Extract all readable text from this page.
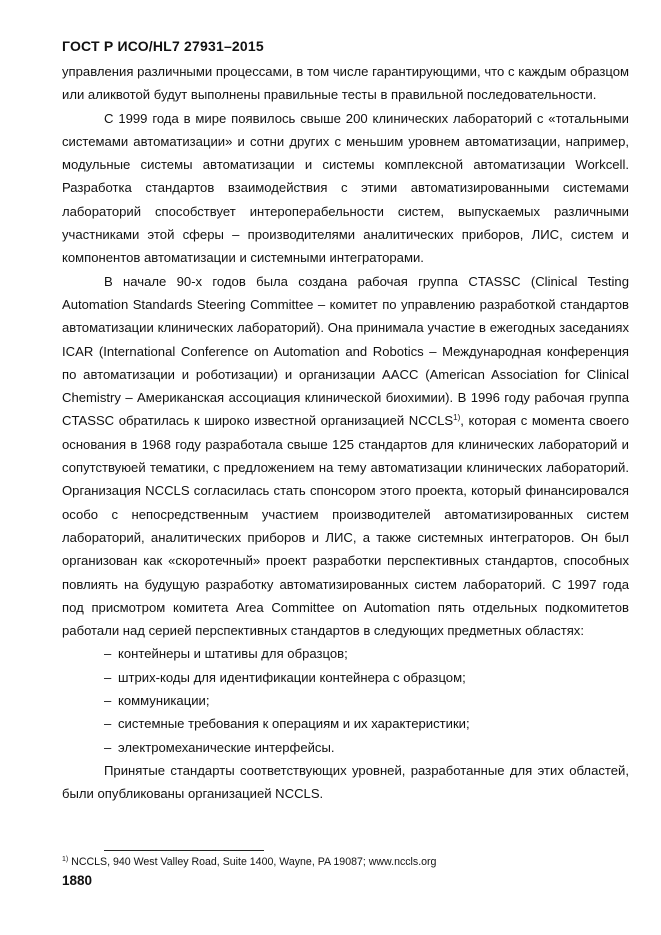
ГОСТ Р ИСО/HL7 27931–2015

управления различными процессами, в том числе гарантирующими, что с каждым образцом или аликвотой будут выполнены правильные тесты в правильной последовательности.

С 1999 года в мире появилось свыше 200 клинических лабораторий с «тотальными системами автоматизации» и сотни других с меньшим уровнем автоматизации, например, модульные системы автоматизации и системы комплексной автоматизации Workcell. Разработка стандартов взаимодействия с этими автоматизированными системами лабораторий способствует интероперабельности систем, выпускаемых различными участниками этой сферы – производителями аналитических приборов, ЛИС, систем и компонентов автоматизации и системными интеграторами.

В начале 90-х годов была создана рабочая группа CTASSC (Clinical Testing Automation Standards Steering Committee – комитет по управлению разработкой стандартов автоматизации клинических лабораторий). Она принимала участие в ежегодных заседаниях ICAR (International Conference on Automation and Robotics – Международная конференция по автоматизации и роботизации) и организации AACC (American Association for Clinical Chemistry – Американская ассоциация клинической биохимии). В 1996 году рабочая группа CTASSC обратилась к широко известной организацией NCCLS$^{1)}$, которая с момента своего основания в 1968 году разработала свыше 125 стандартов для клинических лабораторий и сопутствуюей тематики, с предложением на тему автоматизации клинических лабораторий. Организация NCCLS согласилась стать спонсором этого проекта, который финансировался особо с непосредственным участием производителей автоматизированных систем лабораторий, аналитических приборов и ЛИС, а также системных интеграторов. Он был организован как «скоротечный» проект разработки перспективных стандартов, способных повлиять на будущую разработку автоматизированных систем лабораторий. С 1997 года под присмотром комитета Area Committee on Automation пять отдельных подкомитетов работали над серией перспективных стандартов в следующих предметных областях:

– контейнеры и штативы для образцов;
– штрих-коды для идентификации контейнера с образцом;
– коммуникации;
– системные требования к операциям и их характеристики;
– электромеханические интерфейсы.

Принятые стандарты соответствующих уровней, разработанные для этих областей, были опубликованы организацией NCCLS.

$^{1)}$ NCCLS, 940 West Valley Road, Suite 1400, Wayne, PA 19087; www.nccls.org
1880
